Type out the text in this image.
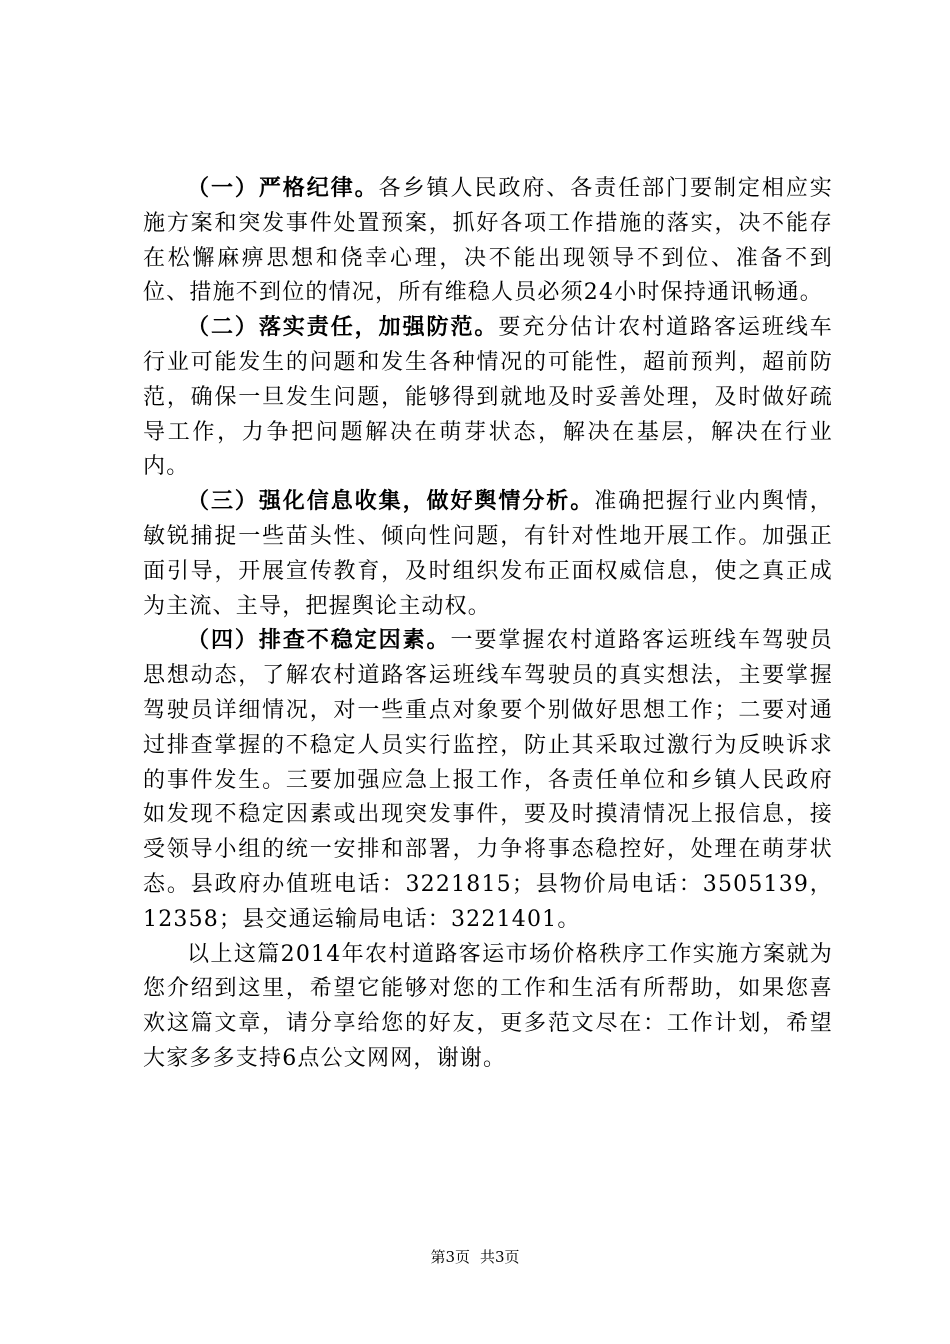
（一）严格纪律。各乡镇人民政府、各责任部门要制定相应实施方案和突发事件处置预案，抓好各项工作措施的落实，决不能存在松懈麻痹思想和侥幸心理，决不能出现领导不到位、准备不到位、措施不到位的情况，所有维稳人员必须24小时保持通讯畅通。

（二）落实责任，加强防范。要充分估计农村道路客运班线车行业可能发生的问题和发生各种情况的可能性，超前预判，超前防范，确保一旦发生问题，能够得到就地及时妥善处理，及时做好疏导工作，力争把问题解决在萌芽状态，解决在基层，解决在行业内。

（三）强化信息收集，做好舆情分析。准确把握行业内舆情，敏锐捕捉一些苗头性、倾向性问题，有针对性地开展工作。加强正面引导，开展宣传教育，及时组织发布正面权威信息，使之真正成为主流、主导，把握舆论主动权。

（四）排查不稳定因素。一要掌握农村道路客运班线车驾驶员思想动态，了解农村道路客运班线车驾驶员的真实想法，主要掌握驾驶员详细情况，对一些重点对象要个别做好思想工作；二要对通过排查掌握的不稳定人员实行监控，防止其采取过激行为反映诉求的事件发生。三要加强应急上报工作，各责任单位和乡镇人民政府如发现不稳定因素或出现突发事件，要及时摸清情况上报信息，接受领导小组的统一安排和部署，力争将事态稳控好，处理在萌芽状态。县政府办值班电话：3221815；县物价局电话：3505139，12358；县交通运输局电话：3221401。

以上这篇2014年农村道路客运市场价格秩序工作实施方案就为您介绍到这里，希望它能够对您的工作和生活有所帮助，如果您喜欢这篇文章，请分享给您的好友，更多范文尽在：工作计划，希望大家多多支持6点公文网网，谢谢。

第3页 共3页
